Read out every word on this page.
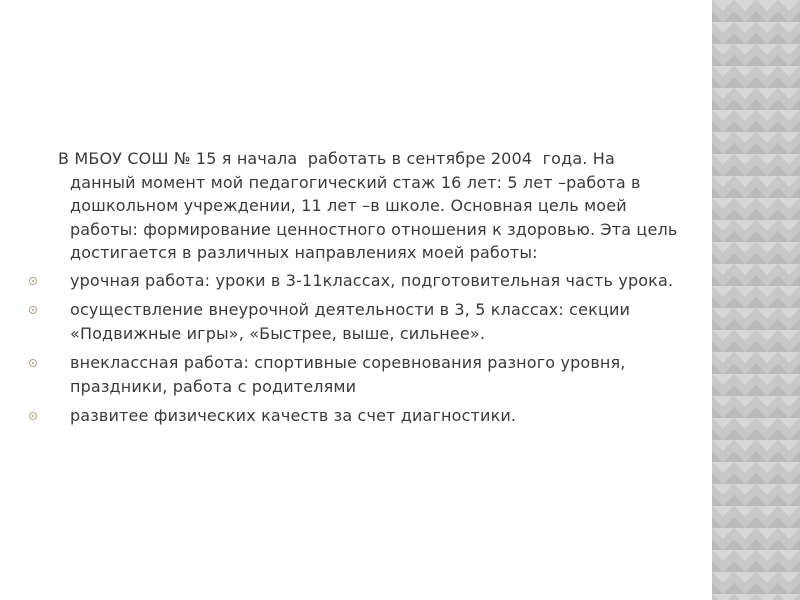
В МБОУ СОШ № 15 я начала  работать в сентябре 2004  года. На данный момент мой педагогический стаж 16 лет: 5 лет –работа в дошкольном учреждении, 11 лет –в школе. Основная цель моей работы: формирование ценностного отношения к здоровью. Эта цель достигается в различных направлениях моей работы:

урочная работа: уроки в 3-11классах, подготовительная часть урока.
осуществление внеурочной деятельности в 3, 5 классах: секции «Подвижные игры», «Быстрее, выше, сильнее».
внеклассная работа: спортивные соревнования разного уровня, праздники, работа с родителями
развитее физических качеств за счет диагностики.
